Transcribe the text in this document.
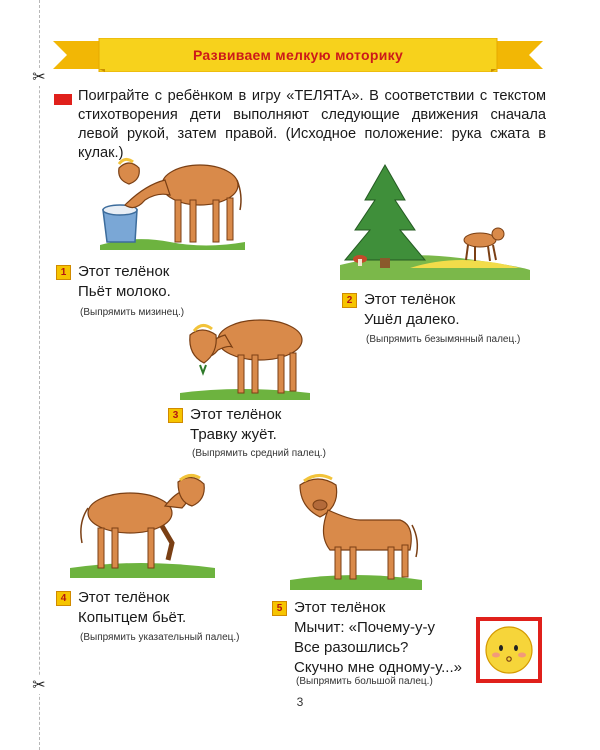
✂
✂
Развиваем мелкую моторику
Поиграйте с ребёнком в игру «ТЕЛЯТА». В соответствии с текстом стихотворения дети выполняют следующие движения сначала левой рукой, затем правой. (Исходное положение: рука сжата в кулак.)
1 Этот телёнок
Пьёт молоко.
(Выпрямить мизинец.)
2 Этот телёнок
Ушёл далеко.
(Выпрямить безымянный палец.)
3 Этот телёнок
Травку жуёт.
(Выпрямить средний палец.)
4 Этот телёнок
Копытцем бьёт.
(Выпрямить указательный палец.)
5 Этот телёнок
Мычит: «Почему-у-у
Все разошлись?
Скучно мне одному-у...»
(Выпрямить большой палец.)
3
